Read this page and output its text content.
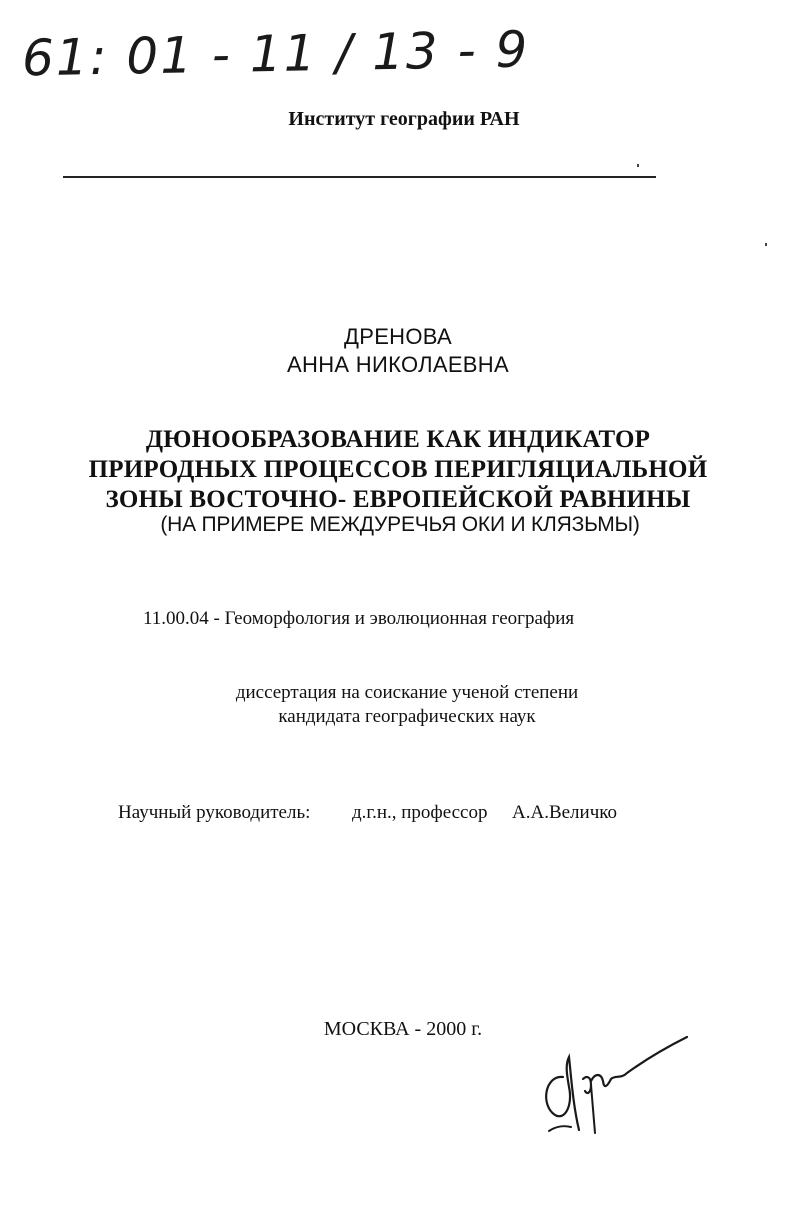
61: 01 - 11 / 13 - 9
Институт географии РАН
ДРЕНОВА
АННА НИКОЛАЕВНА
ДЮНООБРАЗОВАНИЕ КАК ИНДИКАТОР
ПРИРОДНЫХ ПРОЦЕССОВ ПЕРИГЛЯЦИАЛЬНОЙ
ЗОНЫ ВОСТОЧНО- ЕВРОПЕЙСКОЙ РАВНИНЫ
(НА ПРИМЕРЕ МЕЖДУРЕЧЬЯ ОКИ И КЛЯЗЬМЫ)
11.00.04 - Геоморфология и эволюционная география
диссертация на соискание ученой степени
кандидата географических наук
Научный руководитель: д.г.н., профессор А.А.Величко
МОСКВА - 2000 г.
